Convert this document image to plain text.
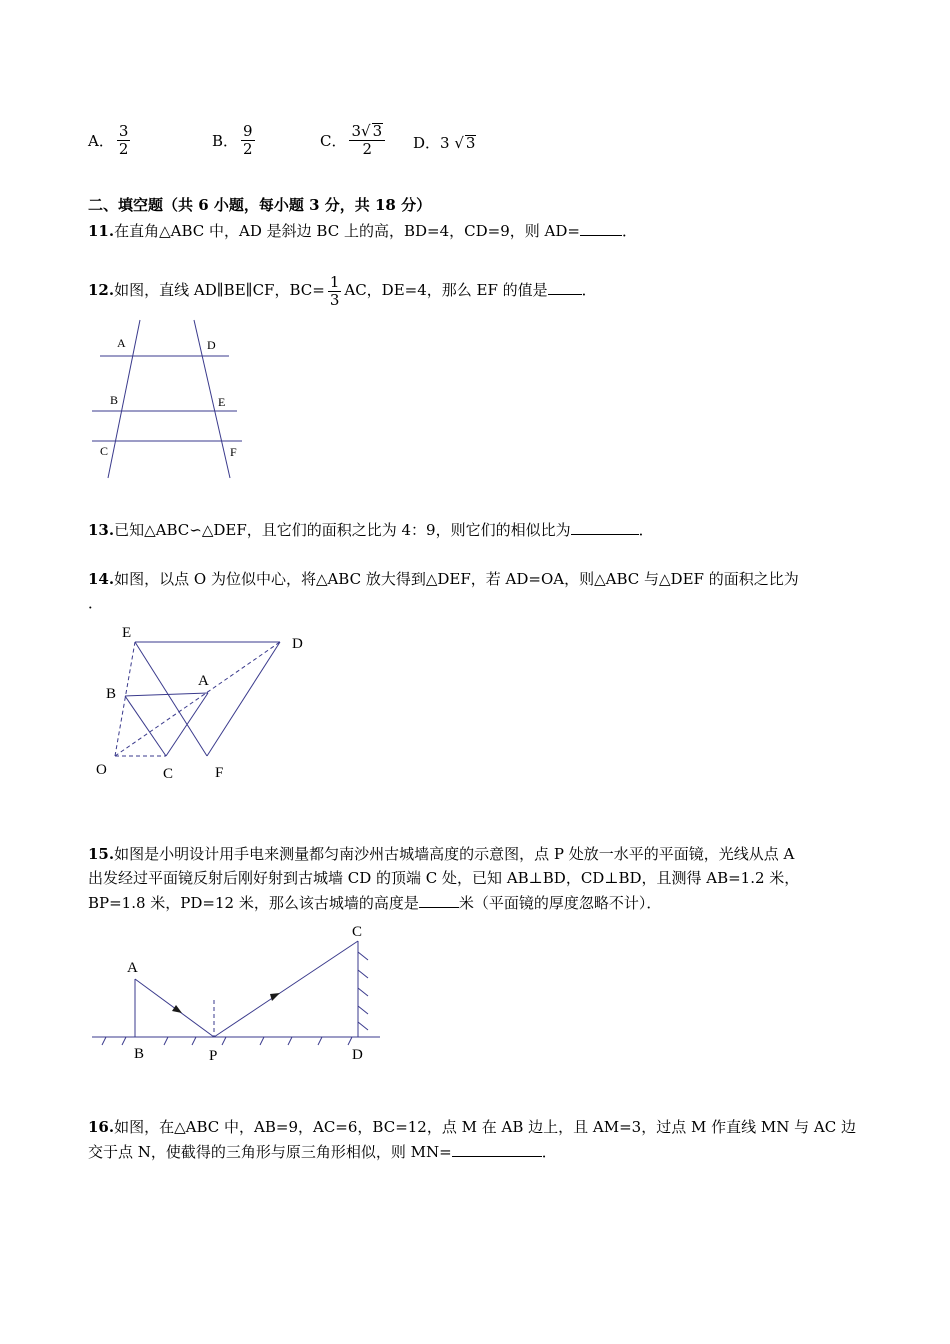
A． $\frac{3}{2}$	B． $\frac{9}{2}$	C． $\frac{3√ 3}{2}$ D．3 √ 3
二、填空题（共 6 小题，每小题 3 分，共 18 分）
11.在直角△ABC 中，AD 是斜边 BC 上的高，BD=4，CD=9，则 AD=	．
12.如图，直线 AD∥BE∥CF，$BC= \frac{1}{3}$ AC，DE=4，那么 EF 的值是 ．
A	D
B	E
C	F
13.已知△ABC∽△DEF，且它们的面积之比为 4：9，则它们的相似比为	．
14.如图，以点 O 为位似中心，将△ABC 放大得到△DEF，若 AD=OA，则△ABC 与△DEF 的面积之比为
．
E
D
B
A
O	C	F
15.如图是小明设计用手电来测量都匀南沙州古城墙高度的示意图，点 P 处放一水平的平面镜，光线从点 A
出发经过平面镜反射后刚好射到古城墙 CD 的顶端 C 处，已知 AB⊥BD，CD⊥BD，且测得 AB=1.2 米，
BP=1.8 米，PD=12 米，那么该古城墙的高度是	米（平面镜的厚度忽略不计）．
A
B	P	D
C
16.如图，在△ABC 中，AB=9，AC=6，BC=12，点 M 在 AB 边上，且 AM=3，过点 M 作直线 MN 与 AC 边
交于点 N，使截得的三角形与原三角形相似，则 MN=	．
